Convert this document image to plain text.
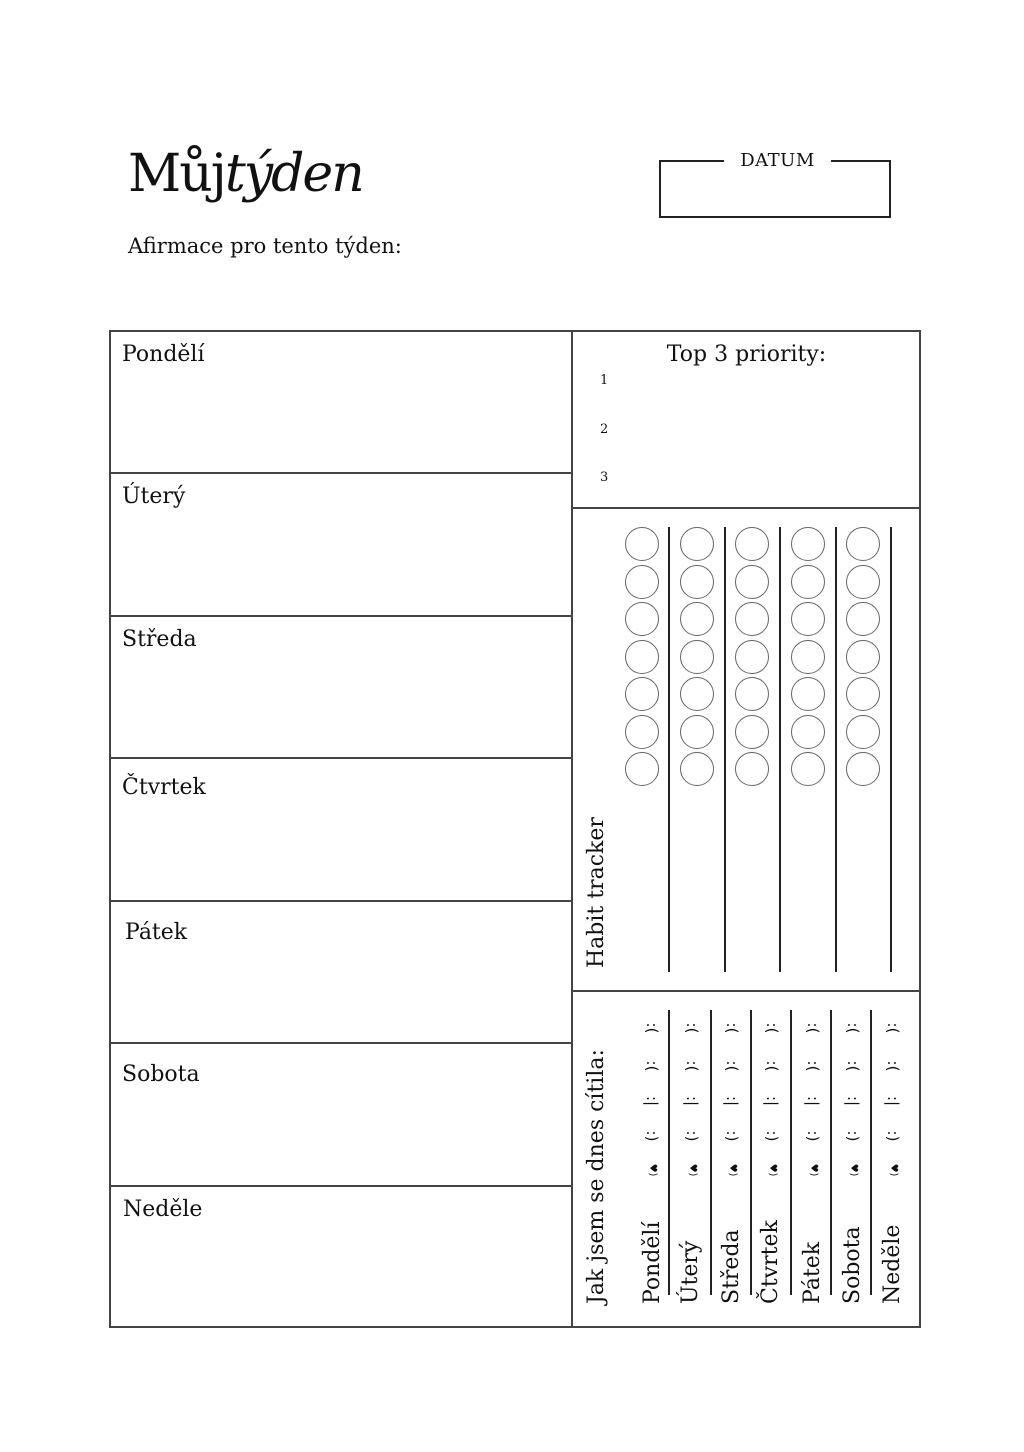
Můjtýden
Afirmace pro tento týden:
DATUM
Pondělí
Úterý
Středa
Čtvrtek
Pátek
Sobota
Neděle
Top 3 priority:
1
2
3
Habit tracker
Jak jsem se dnes cítila:
:(
:(
:|
:)
♥)
Pondělí
:(
:(
:|
:)
♥)
Úterý
:(
:(
:|
:)
♥)
Středa
:(
:(
:|
:)
♥)
Čtvrtek
:(
:(
:|
:)
♥)
Pátek
:(
:(
:|
:)
♥)
Sobota
:(
:(
:|
:)
♥)
Neděle
